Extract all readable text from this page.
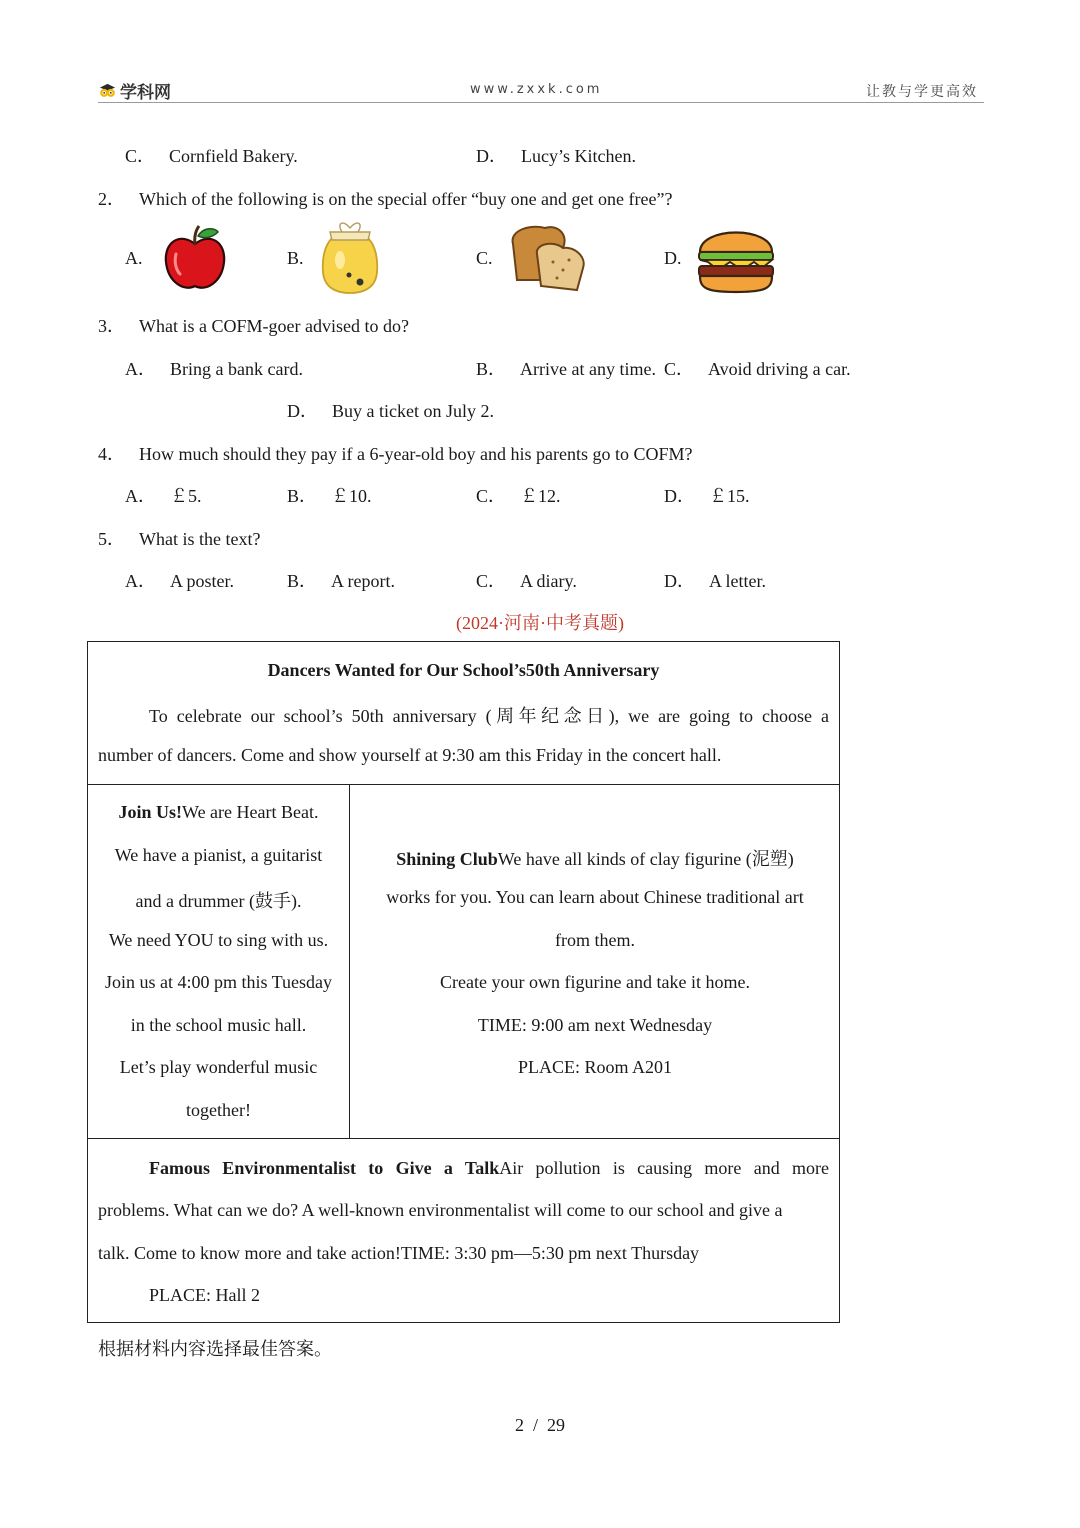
学科网	www.zxxk.com	让教与学更高效
C． Cornfield Bakery.	D． Lucy’s Kitchen.
2． Which of the following is on the special offer “buy one and get one free”?
A.	B.	C.	D.
3． What is a COFM-goer advised to do?
A． Bring a bank card.	B． Arrive at any time. C． Avoid driving a car.
D． Buy a ticket on July 2.
4． How much should they pay if a 6-year-old boy and his parents go to COFM?
A． ￡5.	B． ￡10.	C． ￡12.	D． ￡15.
5． What is the text?
A． A poster.	B． A report.	C． A diary.	D． A letter.
(2024·河南·中考真题)
Dancers Wanted for Our School’s50th Anniversary
To celebrate our school’s 50th anniversary (周年纪念日), we are going to choose a
number of dancers. Come and show yourself at 9:30 am this Friday in the concert hall.
Join Us!We are Heart Beat.
We have a pianist, a guitarist
and a drummer (鼓手).
We need YOU to sing with us.
Join us at 4:00 pm this Tuesday
in the school music hall.
Let’s play wonderful music
together!
Shining ClubWe have all kinds of clay figurine (泥塑)
works for you. You can learn about Chinese traditional art
from them.
Create your own figurine and take it home.
TIME: 9:00 am next Wednesday
PLACE: Room A201
Famous Environmentalist to Give a TalkAir pollution is causing more and more
problems. What can we do? A well-known environmentalist will come to our school and give a
talk. Come to know more and take action!TIME: 3:30 pm—5:30 pm next Thursday
PLACE: Hall 2
根据材料内容选择最佳答案。
2 / 29
